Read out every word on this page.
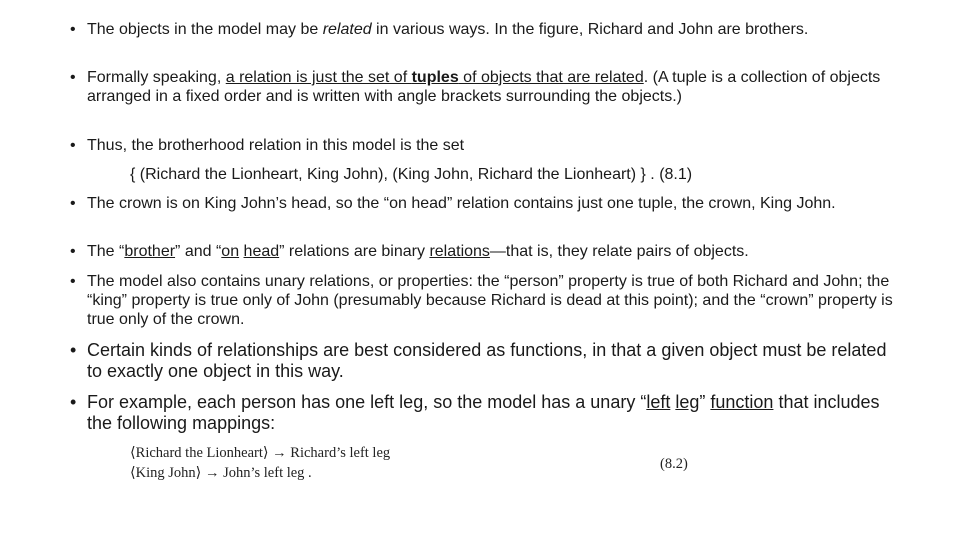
• The objects in the model may be related in various ways. In the figure, Richard and John are brothers.
• Formally speaking, a relation is just the set of tuples of objects that are related. (A tuple is a collection of objects arranged in a fixed order and is written with angle brackets surrounding the objects.)
• Thus, the brotherhood relation in this model is the set
{ (Richard the Lionheart, King John), (King John, Richard the Lionheart) } . (8.1)
• The crown is on King John’s head, so the “on head” relation contains just one tuple, the crown, King John.
• The “brother” and “on head” relations are binary relations—that is, they relate pairs of objects.
• The model also contains unary relations, or properties: the “person” property is true of both Richard and John; the “king” property is true only of John (presumably because Richard is dead at this point); and the “crown” property is true only of the crown.
• Certain kinds of relationships are best considered as functions, in that a given object must be related to exactly one object in this way.
• For example, each person has one left leg, so the model has a unary “left leg” function that includes the following mappings:
⟨Richard the Lionheart⟩ → Richard’s left leg
⟨King John⟩ → John’s left leg .
(8.2)
